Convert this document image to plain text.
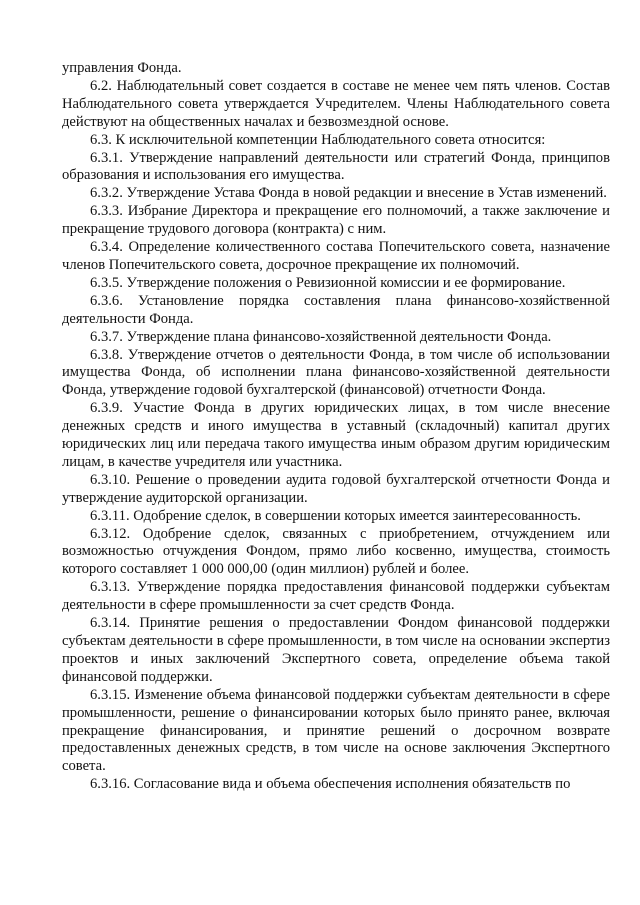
управления Фонда.

6.2. Наблюдательный совет создается в составе не менее чем пять членов. Состав Наблюдательного совета утверждается Учредителем. Члены Наблюдательного совета действуют на общественных началах и безвозмездной основе.

6.3. К исключительной компетенции Наблюдательного совета относится:

6.3.1. Утверждение направлений деятельности или стратегий Фонда, принципов образования и использования его имущества.

6.3.2. Утверждение Устава Фонда в новой редакции и внесение в Устав изменений.

6.3.3. Избрание Директора и прекращение его полномочий, а также заключение и прекращение трудового договора (контракта) с ним.

6.3.4. Определение количественного состава Попечительского совета, назначение членов Попечительского совета, досрочное прекращение их полномочий.

6.3.5. Утверждение положения о Ревизионной комиссии и ее формирование.

6.3.6. Установление порядка составления плана финансово-хозяйственной деятельности Фонда.

6.3.7. Утверждение плана финансово-хозяйственной деятельности Фонда.

6.3.8. Утверждение отчетов о деятельности Фонда, в том числе об использовании имущества Фонда, об исполнении плана финансово-хозяйственной деятельности Фонда, утверждение годовой бухгалтерской (финансовой) отчетности Фонда.

6.3.9. Участие Фонда в других юридических лицах, в том числе внесение денежных средств и иного имущества в уставный (складочный) капитал других юридических лиц или передача такого имущества иным образом другим юридическим лицам, в качестве учредителя или участника.

6.3.10. Решение о проведении аудита годовой бухгалтерской отчетности Фонда и утверждение аудиторской организации.

6.3.11. Одобрение сделок, в совершении которых имеется заинтересованность.

6.3.12. Одобрение сделок, связанных с приобретением, отчуждением или возможностью отчуждения Фондом, прямо либо косвенно, имущества, стоимость которого составляет 1 000 000,00 (один миллион) рублей и более.

6.3.13. Утверждение порядка предоставления финансовой поддержки субъектам деятельности в сфере промышленности за счет средств Фонда.

6.3.14. Принятие решения о предоставлении Фондом финансовой поддержки субъектам деятельности в сфере промышленности, в том числе на основании экспертиз проектов и иных заключений Экспертного совета, определение объема такой финансовой поддержки.

6.3.15. Изменение объема финансовой поддержки субъектам деятельности в сфере промышленности, решение о финансировании которых было принято ранее, включая прекращение финансирования, и принятие решений о досрочном возврате предоставленных денежных средств, в том числе на основе заключения Экспертного совета.

6.3.16. Согласование вида и объема обеспечения исполнения обязательств по
